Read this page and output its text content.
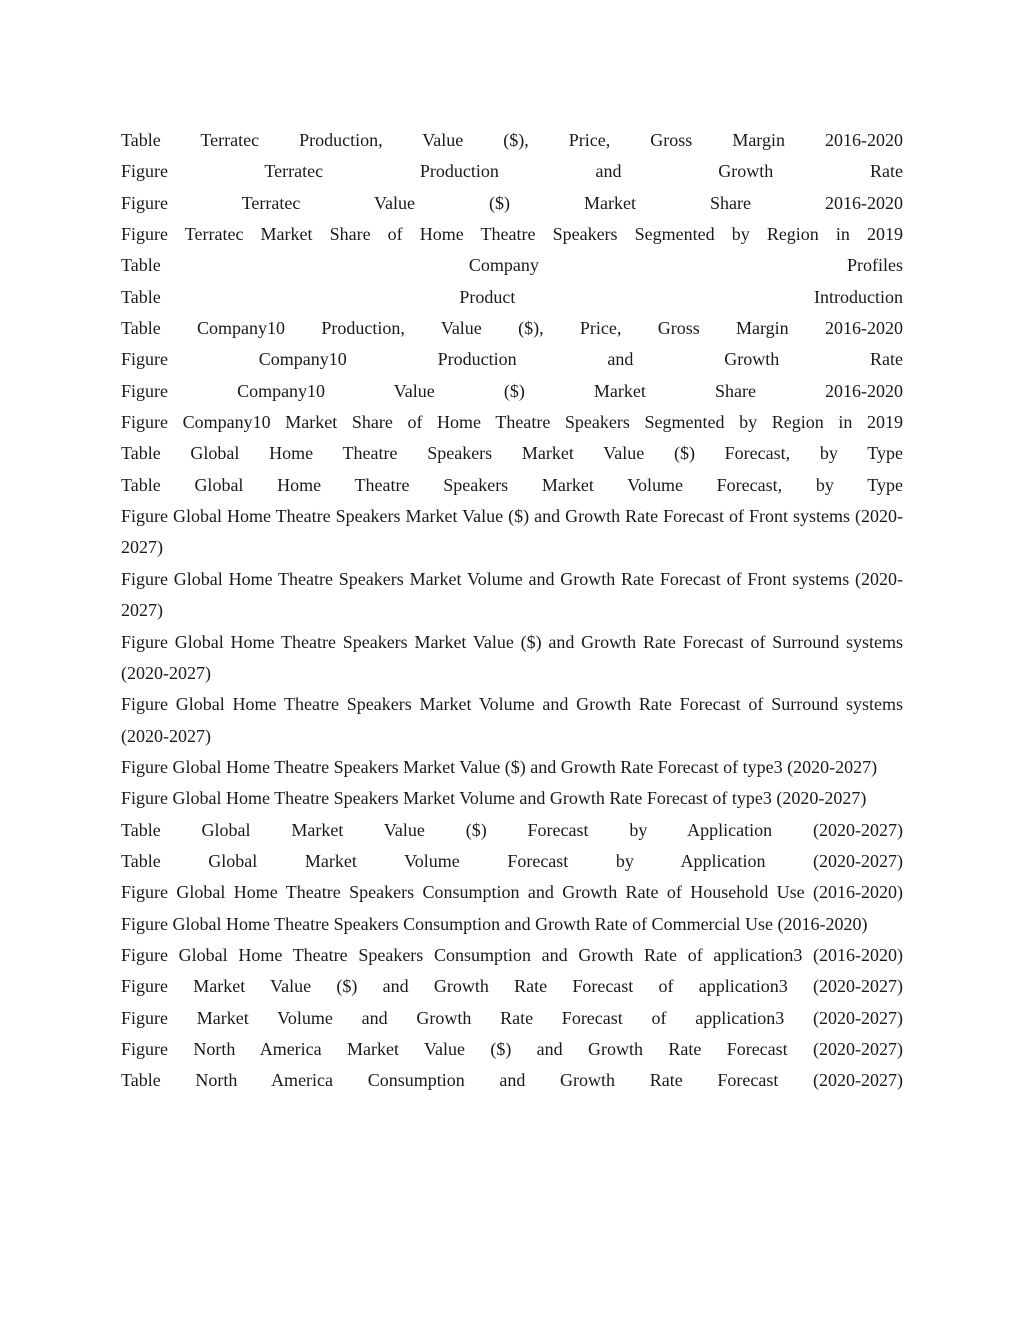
Table Terratec Production, Value ($), Price, Gross Margin 2016-2020

Figure Terratec Production and Growth Rate

Figure Terratec Value ($) Market Share 2016-2020

Figure Terratec Market Share of Home Theatre Speakers Segmented by Region in 2019

Table Company Profiles

Table Product Introduction

Table Company10 Production, Value ($), Price, Gross Margin 2016-2020

Figure Company10 Production and Growth Rate

Figure Company10 Value ($) Market Share 2016-2020

Figure Company10 Market Share of Home Theatre Speakers Segmented by Region in 2019

Table Global Home Theatre Speakers Market Value ($) Forecast, by Type

Table Global Home Theatre Speakers Market Volume Forecast, by Type

Figure Global Home Theatre Speakers Market Value ($) and Growth Rate Forecast of Front systems (2020-2027)

Figure Global Home Theatre Speakers Market Volume and Growth Rate Forecast of Front systems (2020-2027)

Figure Global Home Theatre Speakers Market Value ($) and Growth Rate Forecast of Surround systems (2020-2027)

Figure Global Home Theatre Speakers Market Volume and Growth Rate Forecast of Surround systems (2020-2027)

Figure Global Home Theatre Speakers Market Value ($) and Growth Rate Forecast of type3 (2020-2027)

Figure Global Home Theatre Speakers Market Volume and Growth Rate Forecast of type3 (2020-2027)

Table Global Market Value ($) Forecast by Application (2020-2027)

Table Global Market Volume Forecast by Application (2020-2027)

Figure Global Home Theatre Speakers Consumption and Growth Rate of Household Use (2016-2020)

Figure Global Home Theatre Speakers Consumption and Growth Rate of Commercial Use (2016-2020)

Figure Global Home Theatre Speakers Consumption and Growth Rate of application3 (2016-2020)

Figure Market Value ($) and Growth Rate Forecast of application3 (2020-2027)

Figure Market Volume and Growth Rate Forecast of application3 (2020-2027)

Figure North America Market Value ($) and Growth Rate Forecast (2020-2027)

Table North America Consumption and Growth Rate Forecast (2020-2027)
